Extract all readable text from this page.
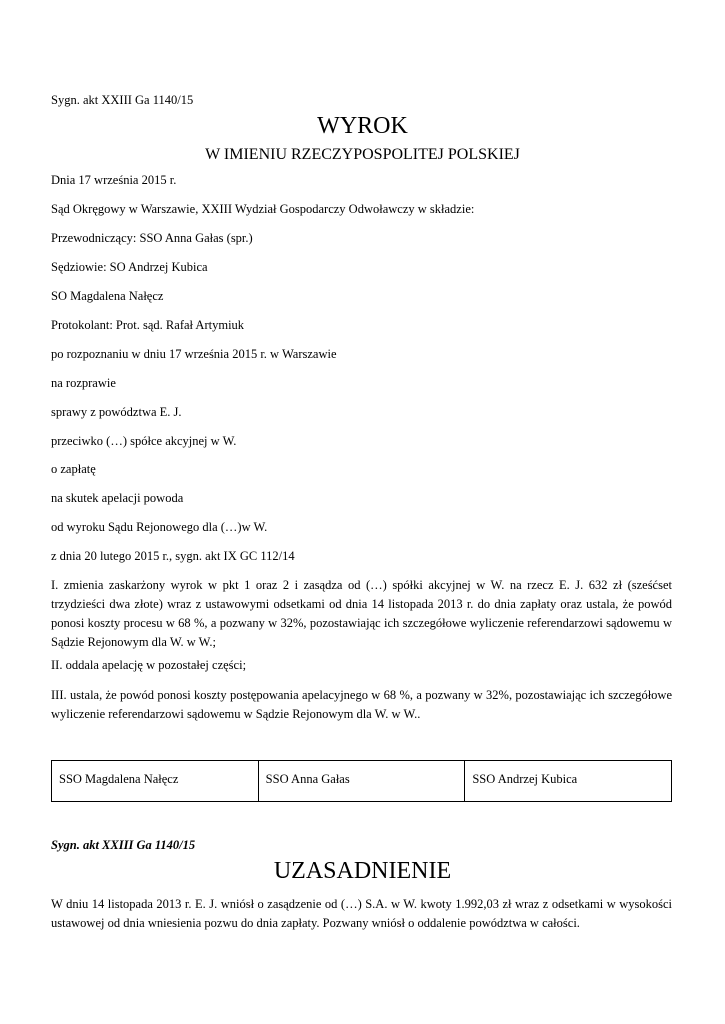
Sygn. akt XXIII Ga 1140/15
WYROK
W IMIENIU RZECZYPOSPOLITEJ POLSKIEJ
Dnia 17 września 2015 r.
Sąd Okręgowy w Warszawie, XXIII Wydział Gospodarczy Odwoławczy w składzie:
Przewodniczący: SSO Anna Gałas (spr.)
Sędziowie: SO Andrzej Kubica
SO Magdalena Nałęcz
Protokolant: Prot. sąd. Rafał Artymiuk
po rozpoznaniu w dniu 17 września 2015 r. w Warszawie
na rozprawie
sprawy z powództwa E. J.
przeciwko (…) spółce akcyjnej w W.
o zapłatę
na skutek apelacji powoda
od wyroku Sądu Rejonowego dla (…)w W.
z dnia 20 lutego 2015 r., sygn. akt IX GC 112/14
I. zmienia zaskarżony wyrok w pkt 1 oraz 2 i zasądza od (…) spółki akcyjnej w W. na rzecz E. J. 632 zł (sześćset trzydzieści dwa złote) wraz z ustawowymi odsetkami od dnia 14 listopada 2013 r. do dnia zapłaty oraz ustala, że powód ponosi koszty procesu w 68 %, a pozwany w 32%, pozostawiając ich szczegółowe wyliczenie referendarzowi sądowemu w Sądzie Rejonowym dla W. w W.;
II. oddala apelację w pozostałej części;
III. ustala, że powód ponosi koszty postępowania apelacyjnego w 68 %, a pozwany w 32%, pozostawiając ich szczegółowe wyliczenie referendarzowi sądowemu w Sądzie Rejonowym dla W. w W..
SSO Magdalena Nałęcz	SSO Anna Gałas	SSO Andrzej Kubica
Sygn. akt XXIII Ga 1140/15
UZASADNIENIE
W dniu 14 listopada 2013 r. E. J. wniósł o zasądzenie od (…) S.A. w W. kwoty 1.992,03 zł wraz z odsetkami w wysokości ustawowej od dnia wniesienia pozwu do dnia zapłaty. Pozwany wniósł o oddalenie powództwa w całości.
